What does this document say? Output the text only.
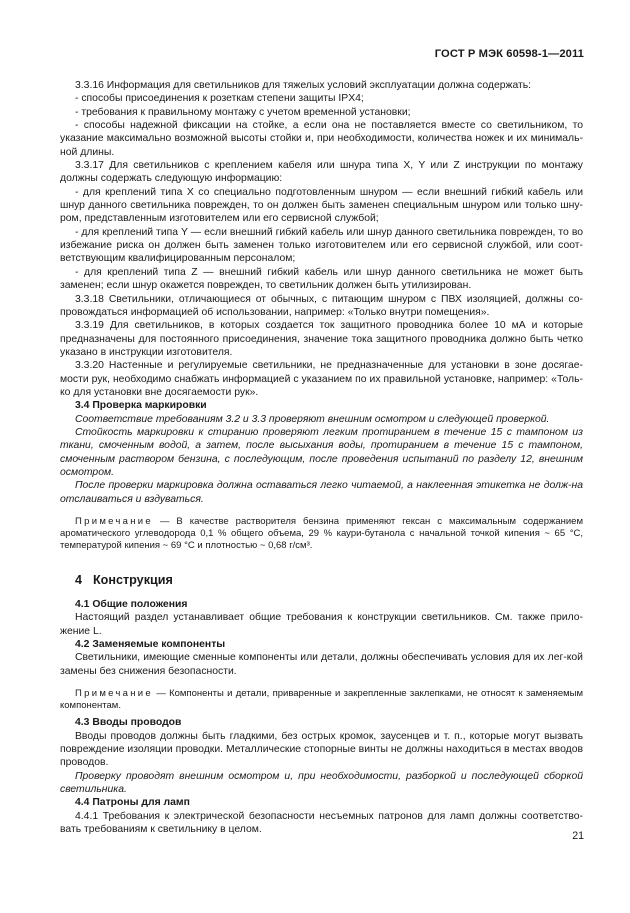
ГОСТ Р МЭК 60598-1—2011

3.3.16 Информация для светильников для тяжелых условий эксплуатации должна содержать:

- способы присоединения к розеткам степени защиты IPX4;

- требования к правильному монтажу с учетом временной установки;

- способы надежной фиксации на стойке, а если она не поставляется вместе со светильником, то указание максимально возможной высоты стойки и, при необходимости, количества ножек и их минималь-ной длины.

3.3.17 Для светильников с креплением кабеля или шнура типа X, Y или Z инструкции по монтажу должны содержать следующую информацию:

- для креплений типа X со специально подготовленным шнуром — если внешний гибкий кабель или шнур данного светильника поврежден, то он должен быть заменен специальным шнуром или только шну-ром, представленным изготовителем или его сервисной службой;

- для креплений типа Y — если внешний гибкий кабель или шнур данного светильника поврежден, то во избежание риска он должен быть заменен только изготовителем или его сервисной службой, или соот-ветствующим квалифицированным персоналом;

- для креплений типа Z — внешний гибкий кабель или шнур данного светильника не может быть заменен; если шнур окажется поврежден, то светильник должен быть утилизирован.

3.3.18 Светильники, отличающиеся от обычных, с питающим шнуром с ПВХ изоляцией, должны со-провождаться информацией об использовании, например: «Только внутри помещения».

3.3.19 Для светильников, в которых создается ток защитного проводника более 10 мА и которые предназначены для постоянного присоединения, значение тока защитного проводника должно быть четко указано в инструкции изготовителя.

3.3.20 Настенные и регулируемые светильники, не предназначенные для установки в зоне досягае-мости рук, необходимо снабжать информацией с указанием по их правильной установке, например: «Толь-ко для установки вне досягаемости рук».

3.4 Проверка маркировки

Соответствие требованиям 3.2 и 3.3 проверяют внешним осмотром и следующей проверкой.

Стойкость маркировки к стиранию проверяют легким протиранием в течение 15 с тампоном из ткани, смоченным водой, а затем, после высыхания воды, протиранием в течение 15 с тампоном, смоченным раствором бензина, с последующим, после проведения испытаний по разделу 12, внешним осмотром.

После проверки маркировка должна оставаться легко читаемой, а наклеенная этикетка не долж-на отслаиваться и вздуваться.

Примечание — В качестве растворителя бензина применяют гексан с максимальным содержанием ароматического углеводорода 0,1 % общего объема, 29 % каури-бутанола с начальной точкой кипения ~ 65 °С, температурой кипения ~ 69 °С и плотностью ~ 0,68 г/см³.

4 Конструкция

4.1 Общие положения

Настоящий раздел устанавливает общие требования к конструкции светильников. См. также прило-жение L.

4.2 Заменяемые компоненты

Светильники, имеющие сменные компоненты или детали, должны обеспечивать условия для их лег-кой замены без снижения безопасности.

Примечание — Компоненты и детали, приваренные и закрепленные заклепками, не относят к заменяемым компонентам.

4.3 Вводы проводов

Вводы проводов должны быть гладкими, без острых кромок, заусенцев и т. п., которые могут вызвать повреждение изоляции проводки. Металлические стопорные винты не должны находиться в местах вводов проводов.

Проверку проводят внешним осмотром и, при необходимости, разборкой и последующей сборкой светильника.

4.4 Патроны для ламп

4.4.1 Требования к электрической безопасности несъемных патронов для ламп должны соответство-вать требованиям к светильнику в целом.

21
